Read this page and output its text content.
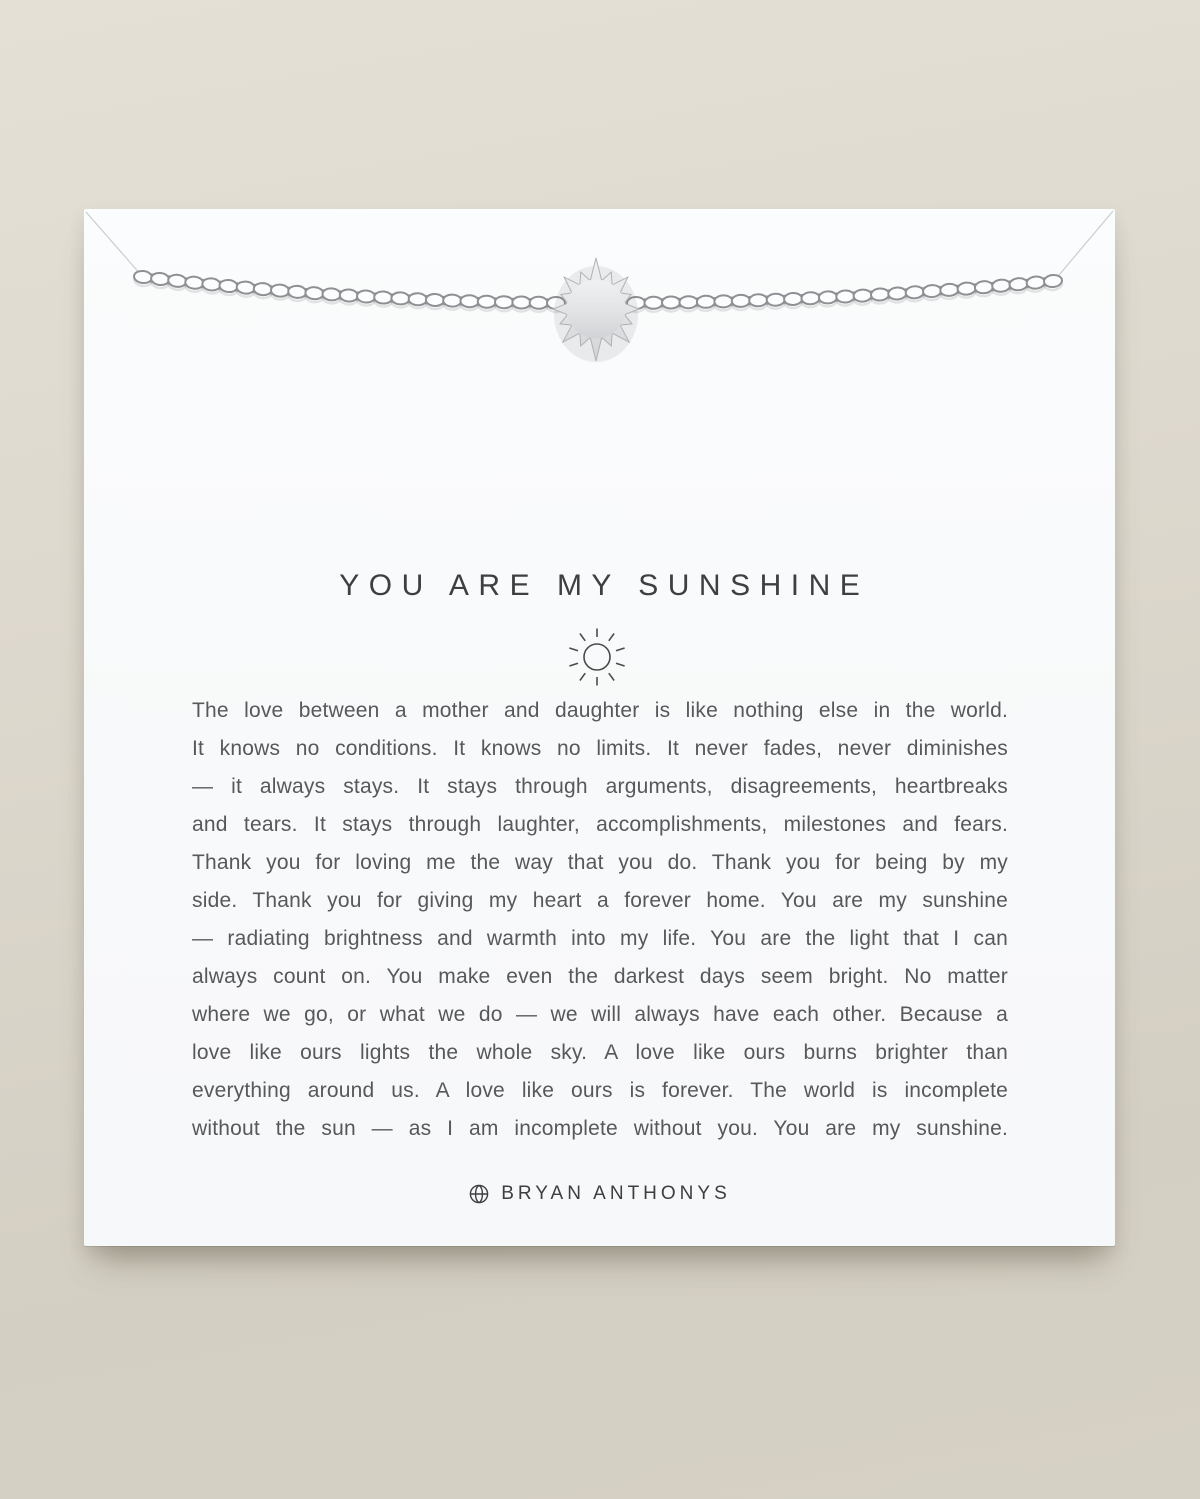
YOU ARE MY SUNSHINE
The love between a mother and daughter is like nothing else in the world.
It knows no conditions. It knows no limits. It never fades, never diminishes
— it always stays. It stays through arguments, disagreements, heartbreaks
and tears. It stays through laughter, accomplishments, milestones and fears.
Thank you for loving me the way that you do. Thank you for being by my
side. Thank you for giving my heart a forever home. You are my sunshine
— radiating brightness and warmth into my life. You are the light that I can
always count on. You make even the darkest days seem bright. No matter
where we go, or what we do — we will always have each other. Because a
love like ours lights the whole sky. A love like ours burns brighter than
everything around us. A love like ours is forever. The world is incomplete
without the sun — as I am incomplete without you. You are my sunshine.
BRYAN ANTHONYS
